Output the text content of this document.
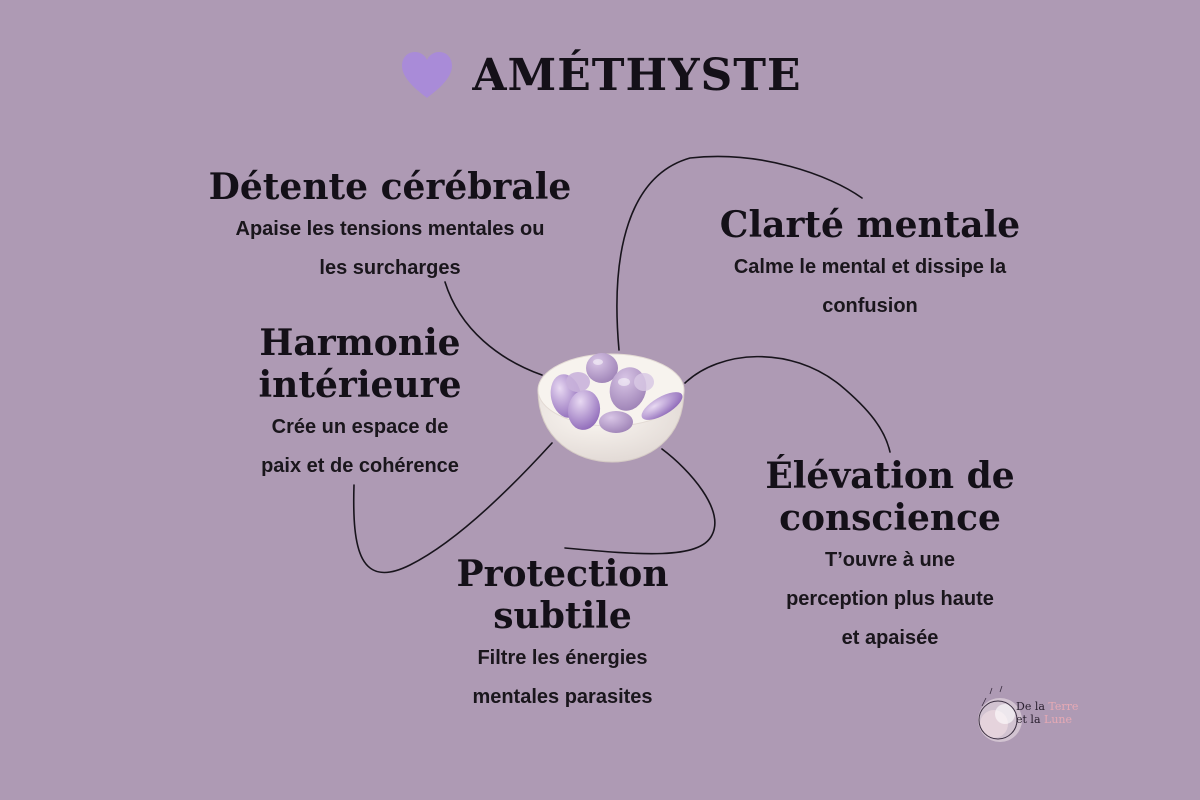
AMÉTHYSTE
Détente cérébrale

Apaise les tensions mentales ou
les surcharges

Clarté mentale

Calme le mental et dissipe la
confusion

Harmonie
intérieure

Crée un espace de
paix et de cohérence	Élévation de
conscience

T’ouvre à une
perception plus haute
et apaisée

Protection
subtile

Filtre les énergies
mentales parasites	De la Terre
et la Lune
